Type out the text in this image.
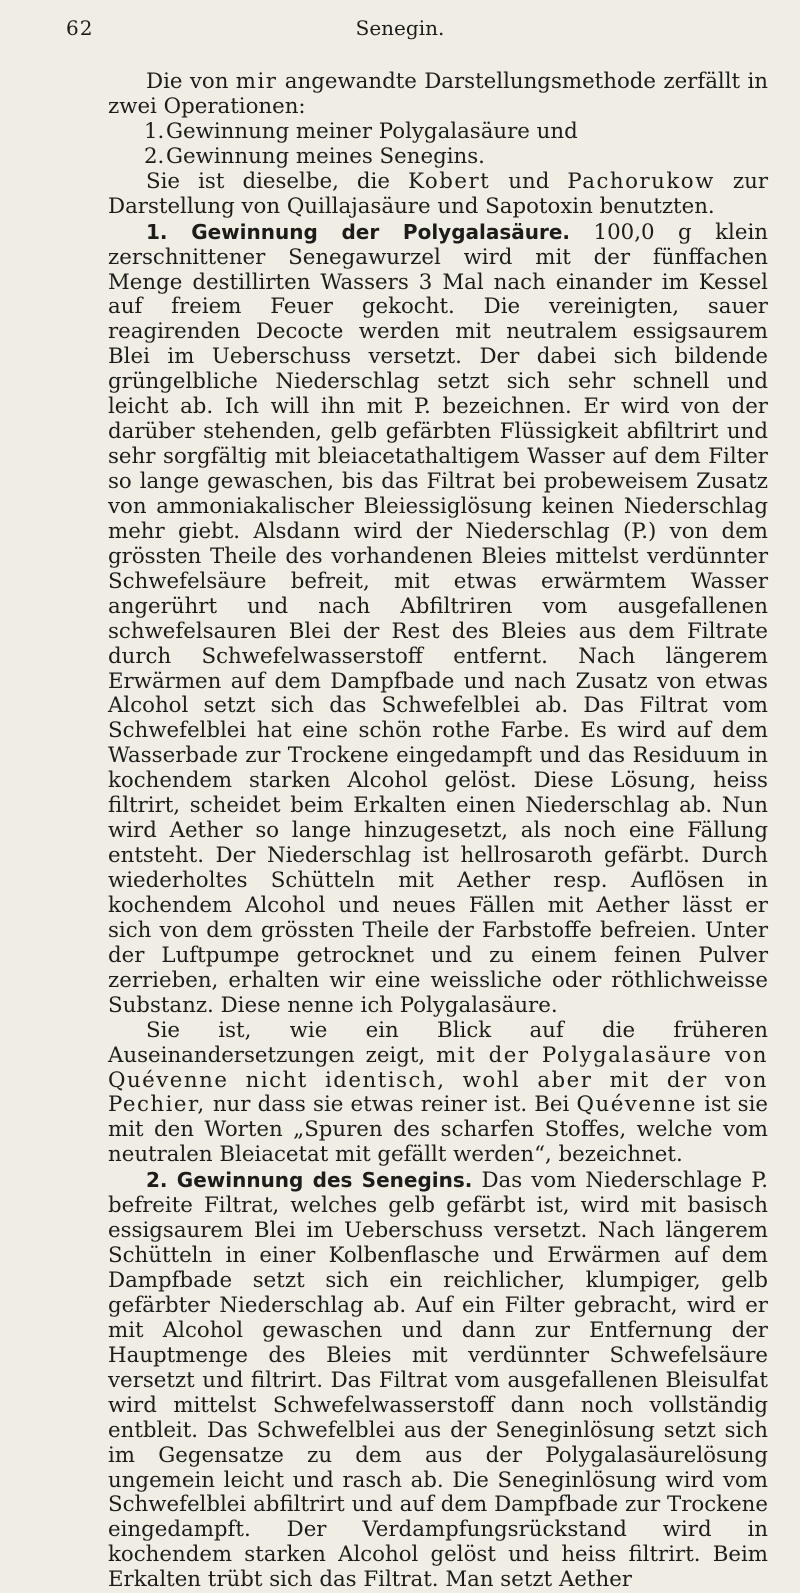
62	Senegin.

Die von mir angewandte Darstellungsmethode zerfällt in zwei Operationen:

1.Gewinnung meiner Polygalasäure und

2.Gewinnung meines Senegins.

Sie ist dieselbe, die Kobert und Pachorukow zur Darstellung von Quillajasäure und Sapotoxin benutzten.

1. Gewinnung der Polygalasäure. 100,0 g klein zerschnittener Senegawurzel wird mit der fünffachen Menge destillirten Wassers 3 Mal nach einander im Kessel auf freiem Feuer gekocht. Die vereinigten, sauer reagirenden Decocte werden mit neutralem essigsaurem Blei im Ueberschuss versetzt. Der dabei sich bildende grüngelbliche Niederschlag setzt sich sehr schnell und leicht ab. Ich will ihn mit P. bezeichnen. Er wird von der darüber stehenden, gelb gefärbten Flüssigkeit abfiltrirt und sehr sorgfältig mit bleiacetathaltigem Wasser auf dem Filter so lange gewaschen, bis das Filtrat bei probeweisem Zusatz von ammoniakalischer Bleiessiglösung keinen Niederschlag mehr giebt. Alsdann wird der Niederschlag (P.) von dem grössten Theile des vorhandenen Bleies mittelst verdünnter Schwefelsäure befreit, mit etwas erwärmtem Wasser angerührt und nach Abfiltriren vom ausgefallenen schwefelsauren Blei der Rest des Bleies aus dem Filtrate durch Schwefelwasserstoff entfernt. Nach längerem Erwärmen auf dem Dampfbade und nach Zusatz von etwas Alcohol setzt sich das Schwefelblei ab. Das Filtrat vom Schwefelblei hat eine schön rothe Farbe. Es wird auf dem Wasserbade zur Trockene eingedampft und das Residuum in kochendem starken Alcohol gelöst. Diese Lösung, heiss filtrirt, scheidet beim Erkalten einen Niederschlag ab. Nun wird Aether so lange hinzugesetzt, als noch eine Fällung entsteht. Der Niederschlag ist hellrosaroth gefärbt. Durch wiederholtes Schütteln mit Aether resp. Auflösen in kochendem Alcohol und neues Fällen mit Aether lässt er sich von dem grössten Theile der Farbstoffe befreien. Unter der Luftpumpe getrocknet und zu einem feinen Pulver zerrieben, erhalten wir eine weissliche oder röthlichweisse Substanz. Diese nenne ich Polygalasäure.

Sie ist, wie ein Blick auf die früheren Auseinandersetzungen zeigt, mit der Polygalasäure von Quévenne nicht identisch, wohl aber mit der von Pechier, nur dass sie etwas reiner ist. Bei Quévenne ist sie mit den Worten „Spuren des scharfen Stoffes, welche vom neutralen Bleiacetat mit gefällt werden“, bezeichnet.

2. Gewinnung des Senegins. Das vom Niederschlage P. befreite Filtrat, welches gelb gefärbt ist, wird mit basisch essigsaurem Blei im Ueberschuss versetzt. Nach längerem Schütteln in einer Kolbenflasche und Erwärmen auf dem Dampfbade setzt sich ein reichlicher, klumpiger, gelb gefärbter Niederschlag ab. Auf ein Filter gebracht, wird er mit Alcohol gewaschen und dann zur Entfernung der Hauptmenge des Bleies mit verdünnter Schwefelsäure versetzt und filtrirt. Das Filtrat vom ausgefallenen Bleisulfat wird mittelst Schwefelwasserstoff dann noch vollständig entbleit. Das Schwefelblei aus der Seneginlösung setzt sich im Gegensatze zu dem aus der Polygalasäurelösung ungemein leicht und rasch ab. Die Seneginlösung wird vom Schwefelblei abfiltrirt und auf dem Dampfbade zur Trockene eingedampft. Der Verdampfungsrückstand wird in kochendem starken Alcohol gelöst und heiss filtrirt. Beim Erkalten trübt sich das Filtrat. Man setzt Aether
